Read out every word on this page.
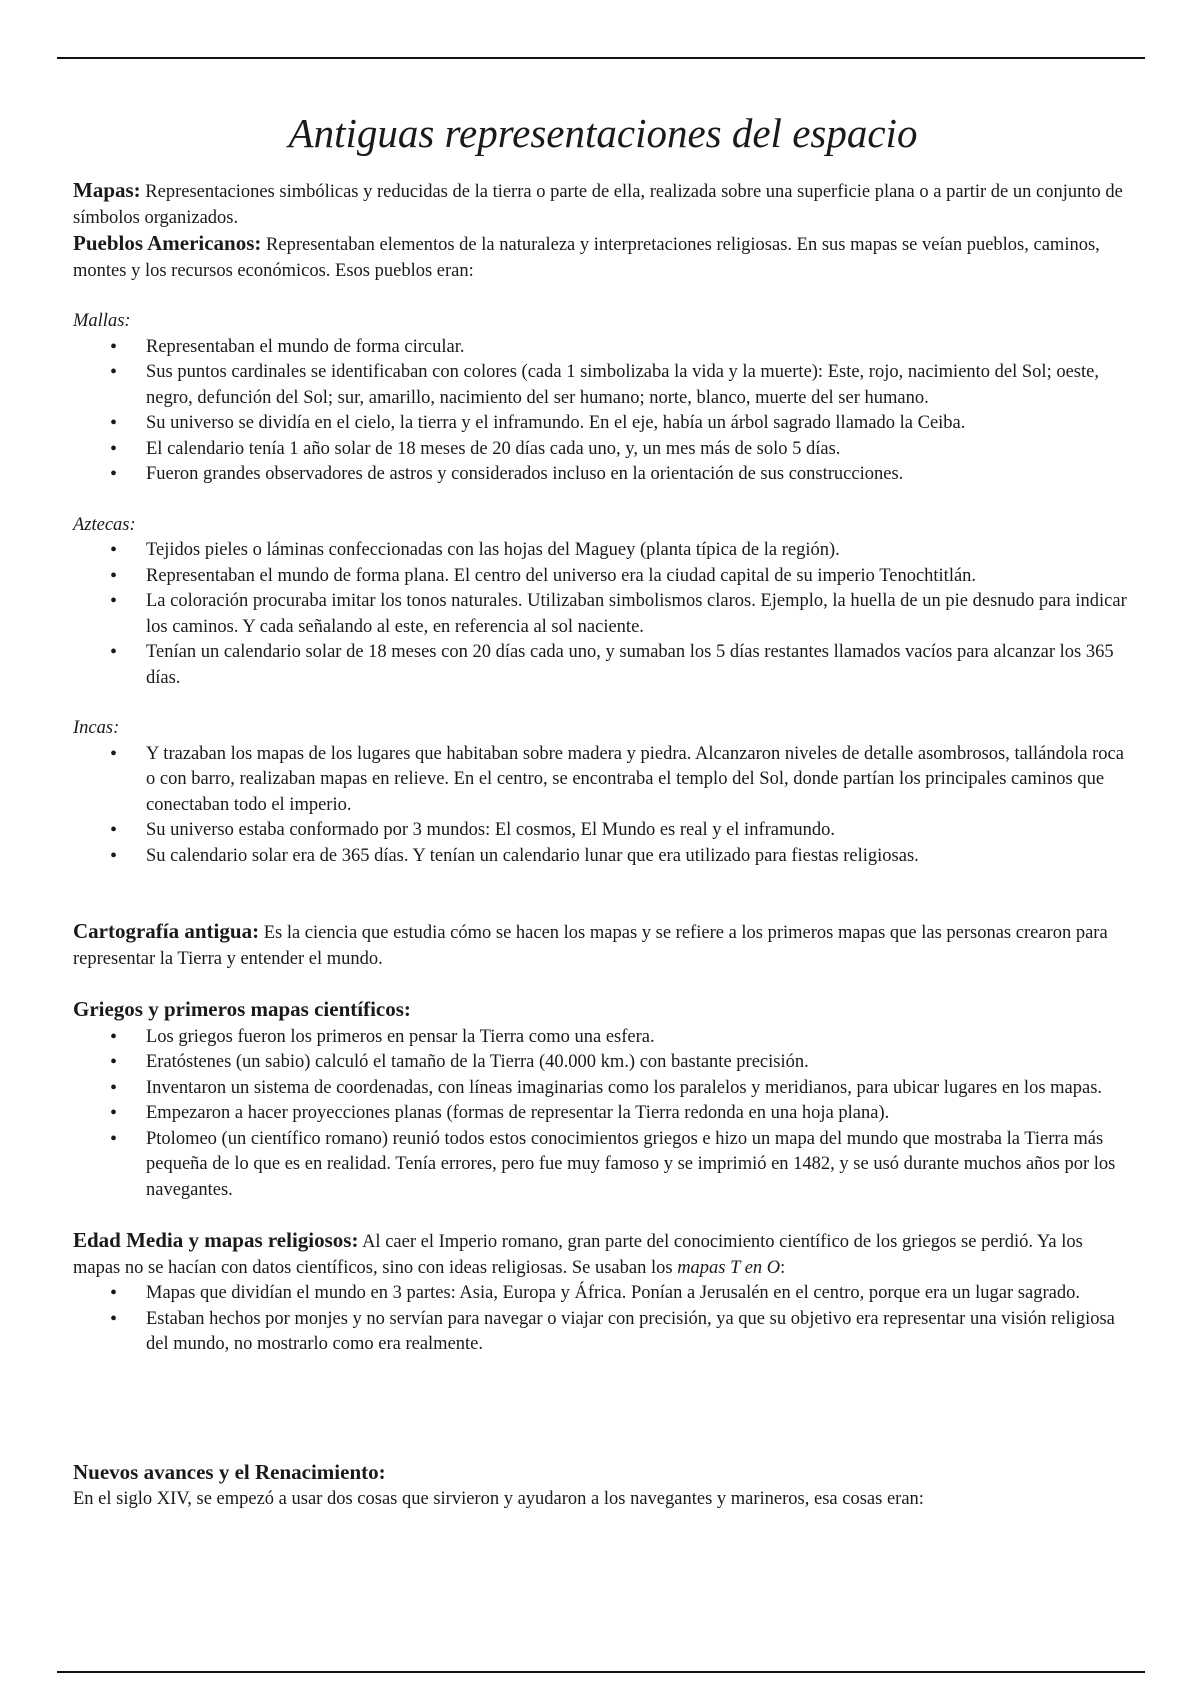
Antiguas representaciones del espacio

Mapas: Representaciones simbólicas y reducidas de la tierra o parte de ella, realizada sobre una superficie plana o a partir de un conjunto de símbolos organizados.

Pueblos Americanos: Representaban elementos de la naturaleza y interpretaciones religiosas. En sus mapas se veían pueblos, caminos, montes y los recursos económicos. Esos pueblos eran:

Mallas:

• Representaban el mundo de forma circular.
• Sus puntos cardinales se identificaban con colores (cada 1 simbolizaba la vida y la muerte): Este, rojo, nacimiento del Sol; oeste, negro, defunción del Sol; sur, amarillo, nacimiento del ser humano; norte, blanco, muerte del ser humano.
• Su universo se dividía en el cielo, la tierra y el inframundo. En el eje, había un árbol sagrado llamado la Ceiba.
• El calendario tenía 1 año solar de 18 meses de 20 días cada uno, y, un mes más de solo 5 días.
• Fueron grandes observadores de astros y considerados incluso en la orientación de sus construcciones.

Aztecas:

• Tejidos pieles o láminas confeccionadas con las hojas del Maguey (planta típica de la región).
• Representaban el mundo de forma plana. El centro del universo era la ciudad capital de su imperio Tenochtitlán.
• La coloración procuraba imitar los tonos naturales. Utilizaban simbolismos claros. Ejemplo, la huella de un pie desnudo para indicar los caminos. Y cada señalando al este, en referencia al sol naciente.
• Tenían un calendario solar de 18 meses con 20 días cada uno, y sumaban los 5 días restantes llamados vacíos para alcanzar los 365 días.

Incas:

• Y trazaban los mapas de los lugares que habitaban sobre madera y piedra. Alcanzaron niveles de detalle asombrosos, tallándola roca o con barro, realizaban mapas en relieve. En el centro, se encontraba el templo del Sol, donde partían los principales caminos que conectaban todo el imperio.
• Su universo estaba conformado por 3 mundos: El cosmos, El Mundo es real y el inframundo.
• Su calendario solar era de 365 días. Y tenían un calendario lunar que era utilizado para fiestas religiosas.

Cartografía antigua: Es la ciencia que estudia cómo se hacen los mapas y se refiere a los primeros mapas que las personas crearon para representar la Tierra y entender el mundo.

Griegos y primeros mapas científicos:

• Los griegos fueron los primeros en pensar la Tierra como una esfera.
• Eratóstenes (un sabio) calculó el tamaño de la Tierra (40.000 km.) con bastante precisión.
• Inventaron un sistema de coordenadas, con líneas imaginarias como los paralelos y meridianos, para ubicar lugares en los mapas.
• Empezaron a hacer proyecciones planas (formas de representar la Tierra redonda en una hoja plana).
• Ptolomeo (un científico romano) reunió todos estos conocimientos griegos e hizo un mapa del mundo que mostraba la Tierra más pequeña de lo que es en realidad. Tenía errores, pero fue muy famoso y se imprimió en 1482, y se usó durante muchos años por los navegantes.

Edad Media y mapas religiosos: Al caer el Imperio romano, gran parte del conocimiento científico de los griegos se perdió. Ya los mapas no se hacían con datos científicos, sino con ideas religiosas. Se usaban los mapas T en O:

• Mapas que dividían el mundo en 3 partes: Asia, Europa y África. Ponían a Jerusalén en el centro, porque era un lugar sagrado.
• Estaban hechos por monjes y no servían para navegar o viajar con precisión, ya que su objetivo era representar una visión religiosa del mundo, no mostrarlo como era realmente.

Nuevos avances y el Renacimiento:

En el siglo XIV, se empezó a usar dos cosas que sirvieron y ayudaron a los navegantes y marineros, esa cosas eran:
